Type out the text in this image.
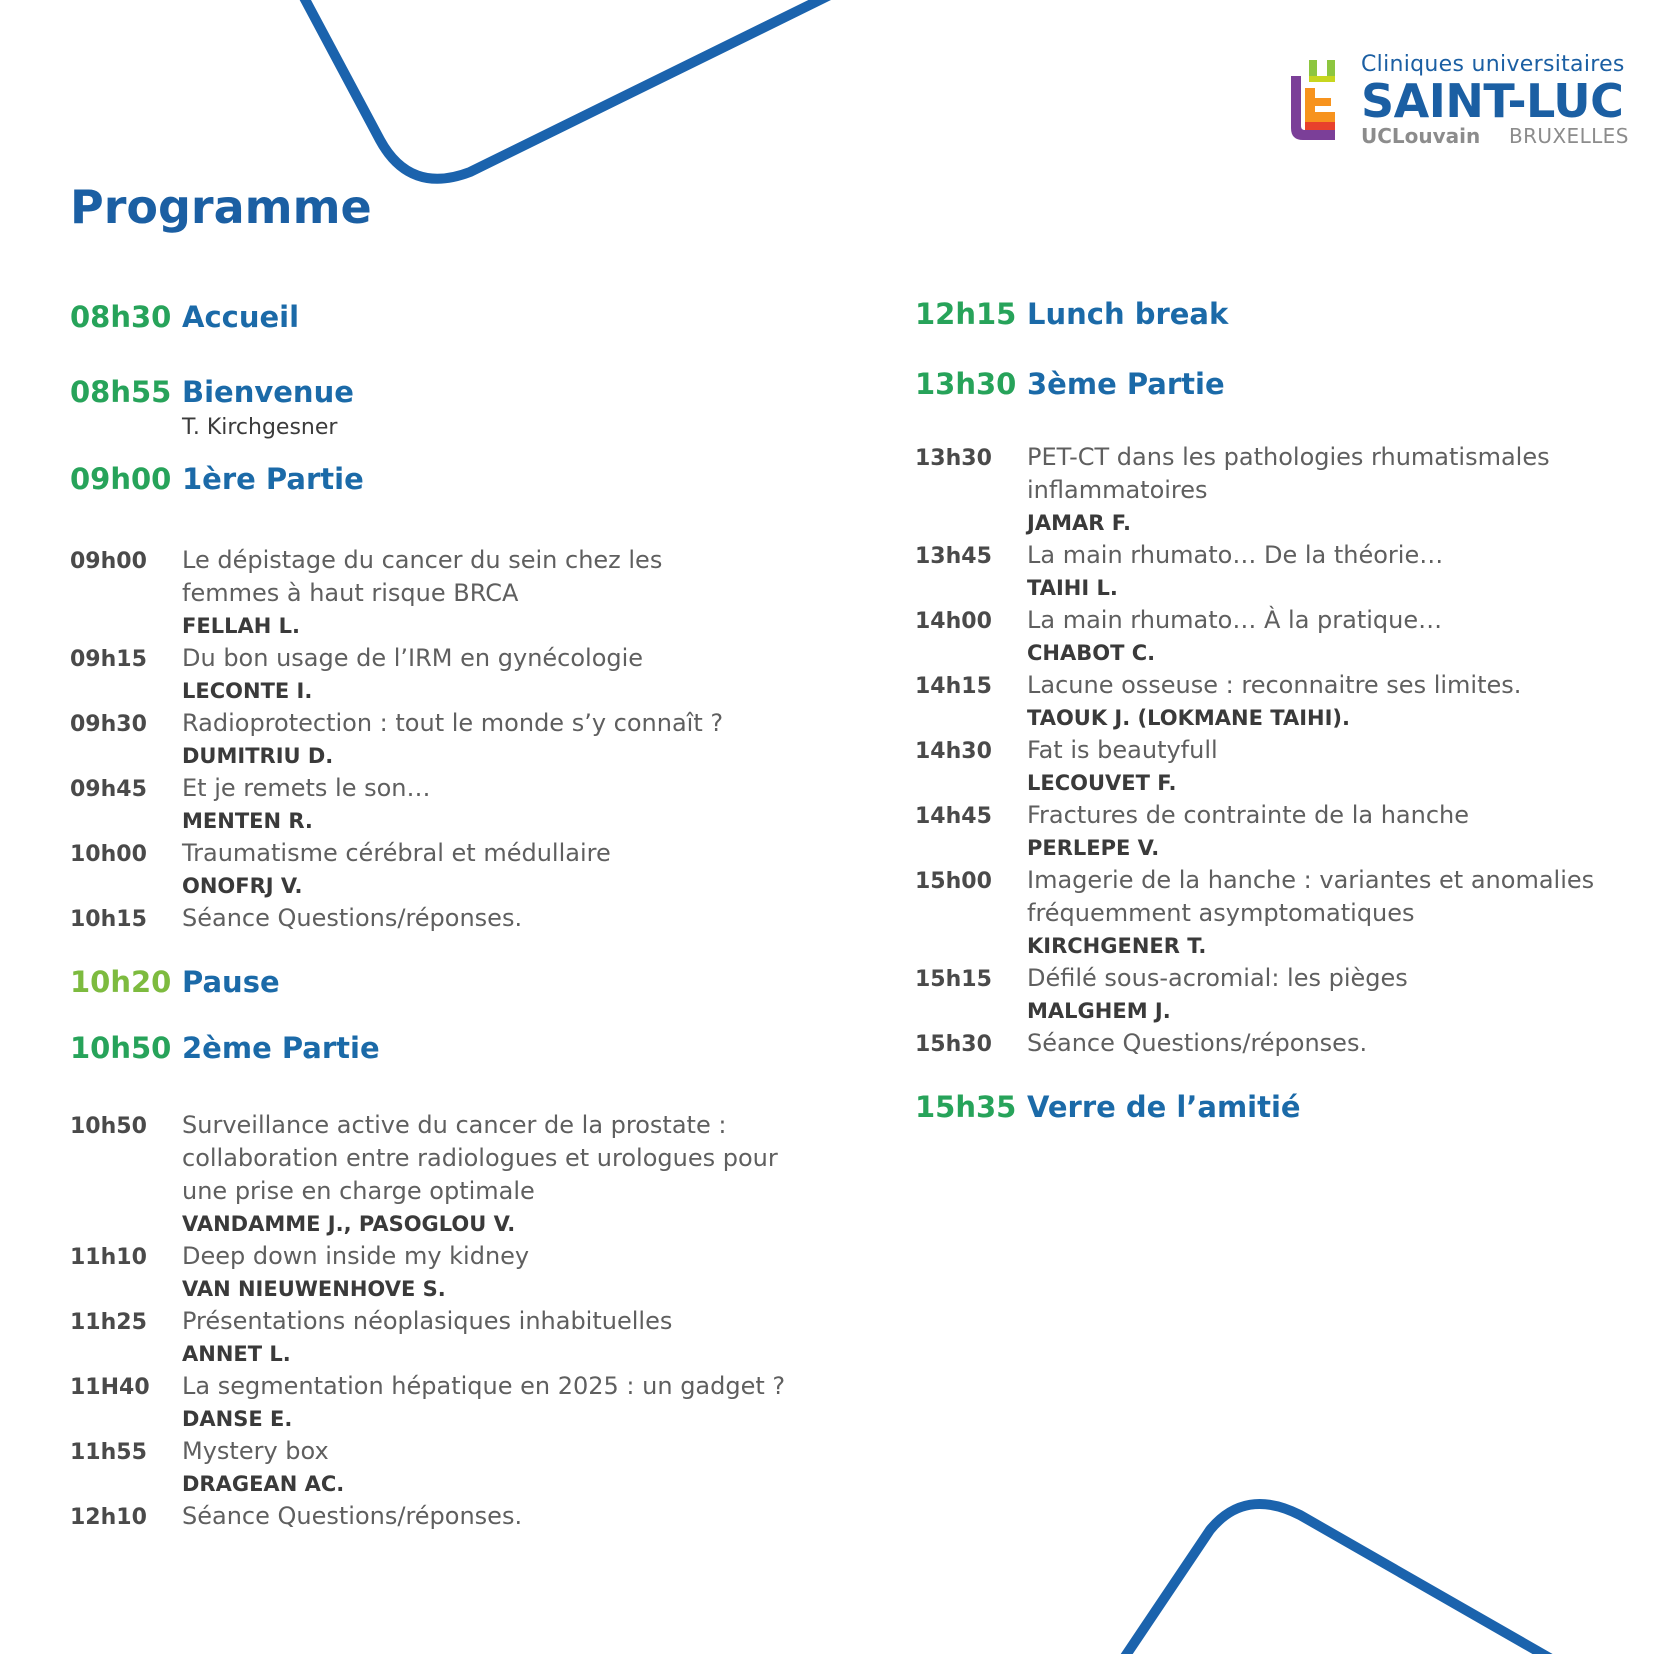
Cliniques universitaires
SAINT-LUC
UCLouvain BRUXELLES
Programme
08h30 Accueil
08h55 Bienvenue
T. Kirchgesner
09h00 1ère Partie
09h00	Le dépistage du cancer du sein chez les femmes à haut risque BRCA
FELLAH L.
09h15	Du bon usage de l’IRM en gynécologie
LECONTE I.
09h30	Radioprotection : tout le monde s’y connaît ?
DUMITRIU D.
09h45	Et je remets le son…
MENTEN R.
10h00	Traumatisme cérébral et médullaire
ONOFRJ V.
10h15	Séance Questions/réponses.
10h20 Pause
10h50 2ème Partie
10h50	Surveillance active du cancer de la prostate : collaboration entre radiologues et urologues pour une prise en charge optimale
VANDAMME J., PASOGLOU V.
11h10	Deep down inside my kidney
VAN NIEUWENHOVE S.
11h25	Présentations néoplasiques inhabituelles
ANNET L.
11H40	La segmentation hépatique en 2025 : un gadget ?
DANSE E.
11h55	Mystery box
DRAGEAN AC.
12h10	Séance Questions/réponses.
12h15 Lunch break
13h30 3ème Partie
13h30	PET-CT dans les pathologies rhumatismales inflammatoires
JAMAR F.
13h45	La main rhumato… De la théorie…
TAIHI L.
14h00	La main rhumato… À la pratique…
CHABOT C.
14h15	Lacune osseuse : reconnaitre ses limites.
TAOUK J. (LOKMANE TAIHI).
14h30	Fat is beautyfull
LECOUVET F.
14h45	Fractures de contrainte de la hanche
PERLEPE V.
15h00	Imagerie de la hanche : variantes et anomalies fréquemment asymptomatiques
KIRCHGENER T.
15h15	Défilé sous-acromial: les pièges
MALGHEM J.
15h30	Séance Questions/réponses.
15h35 Verre de l’amitié
